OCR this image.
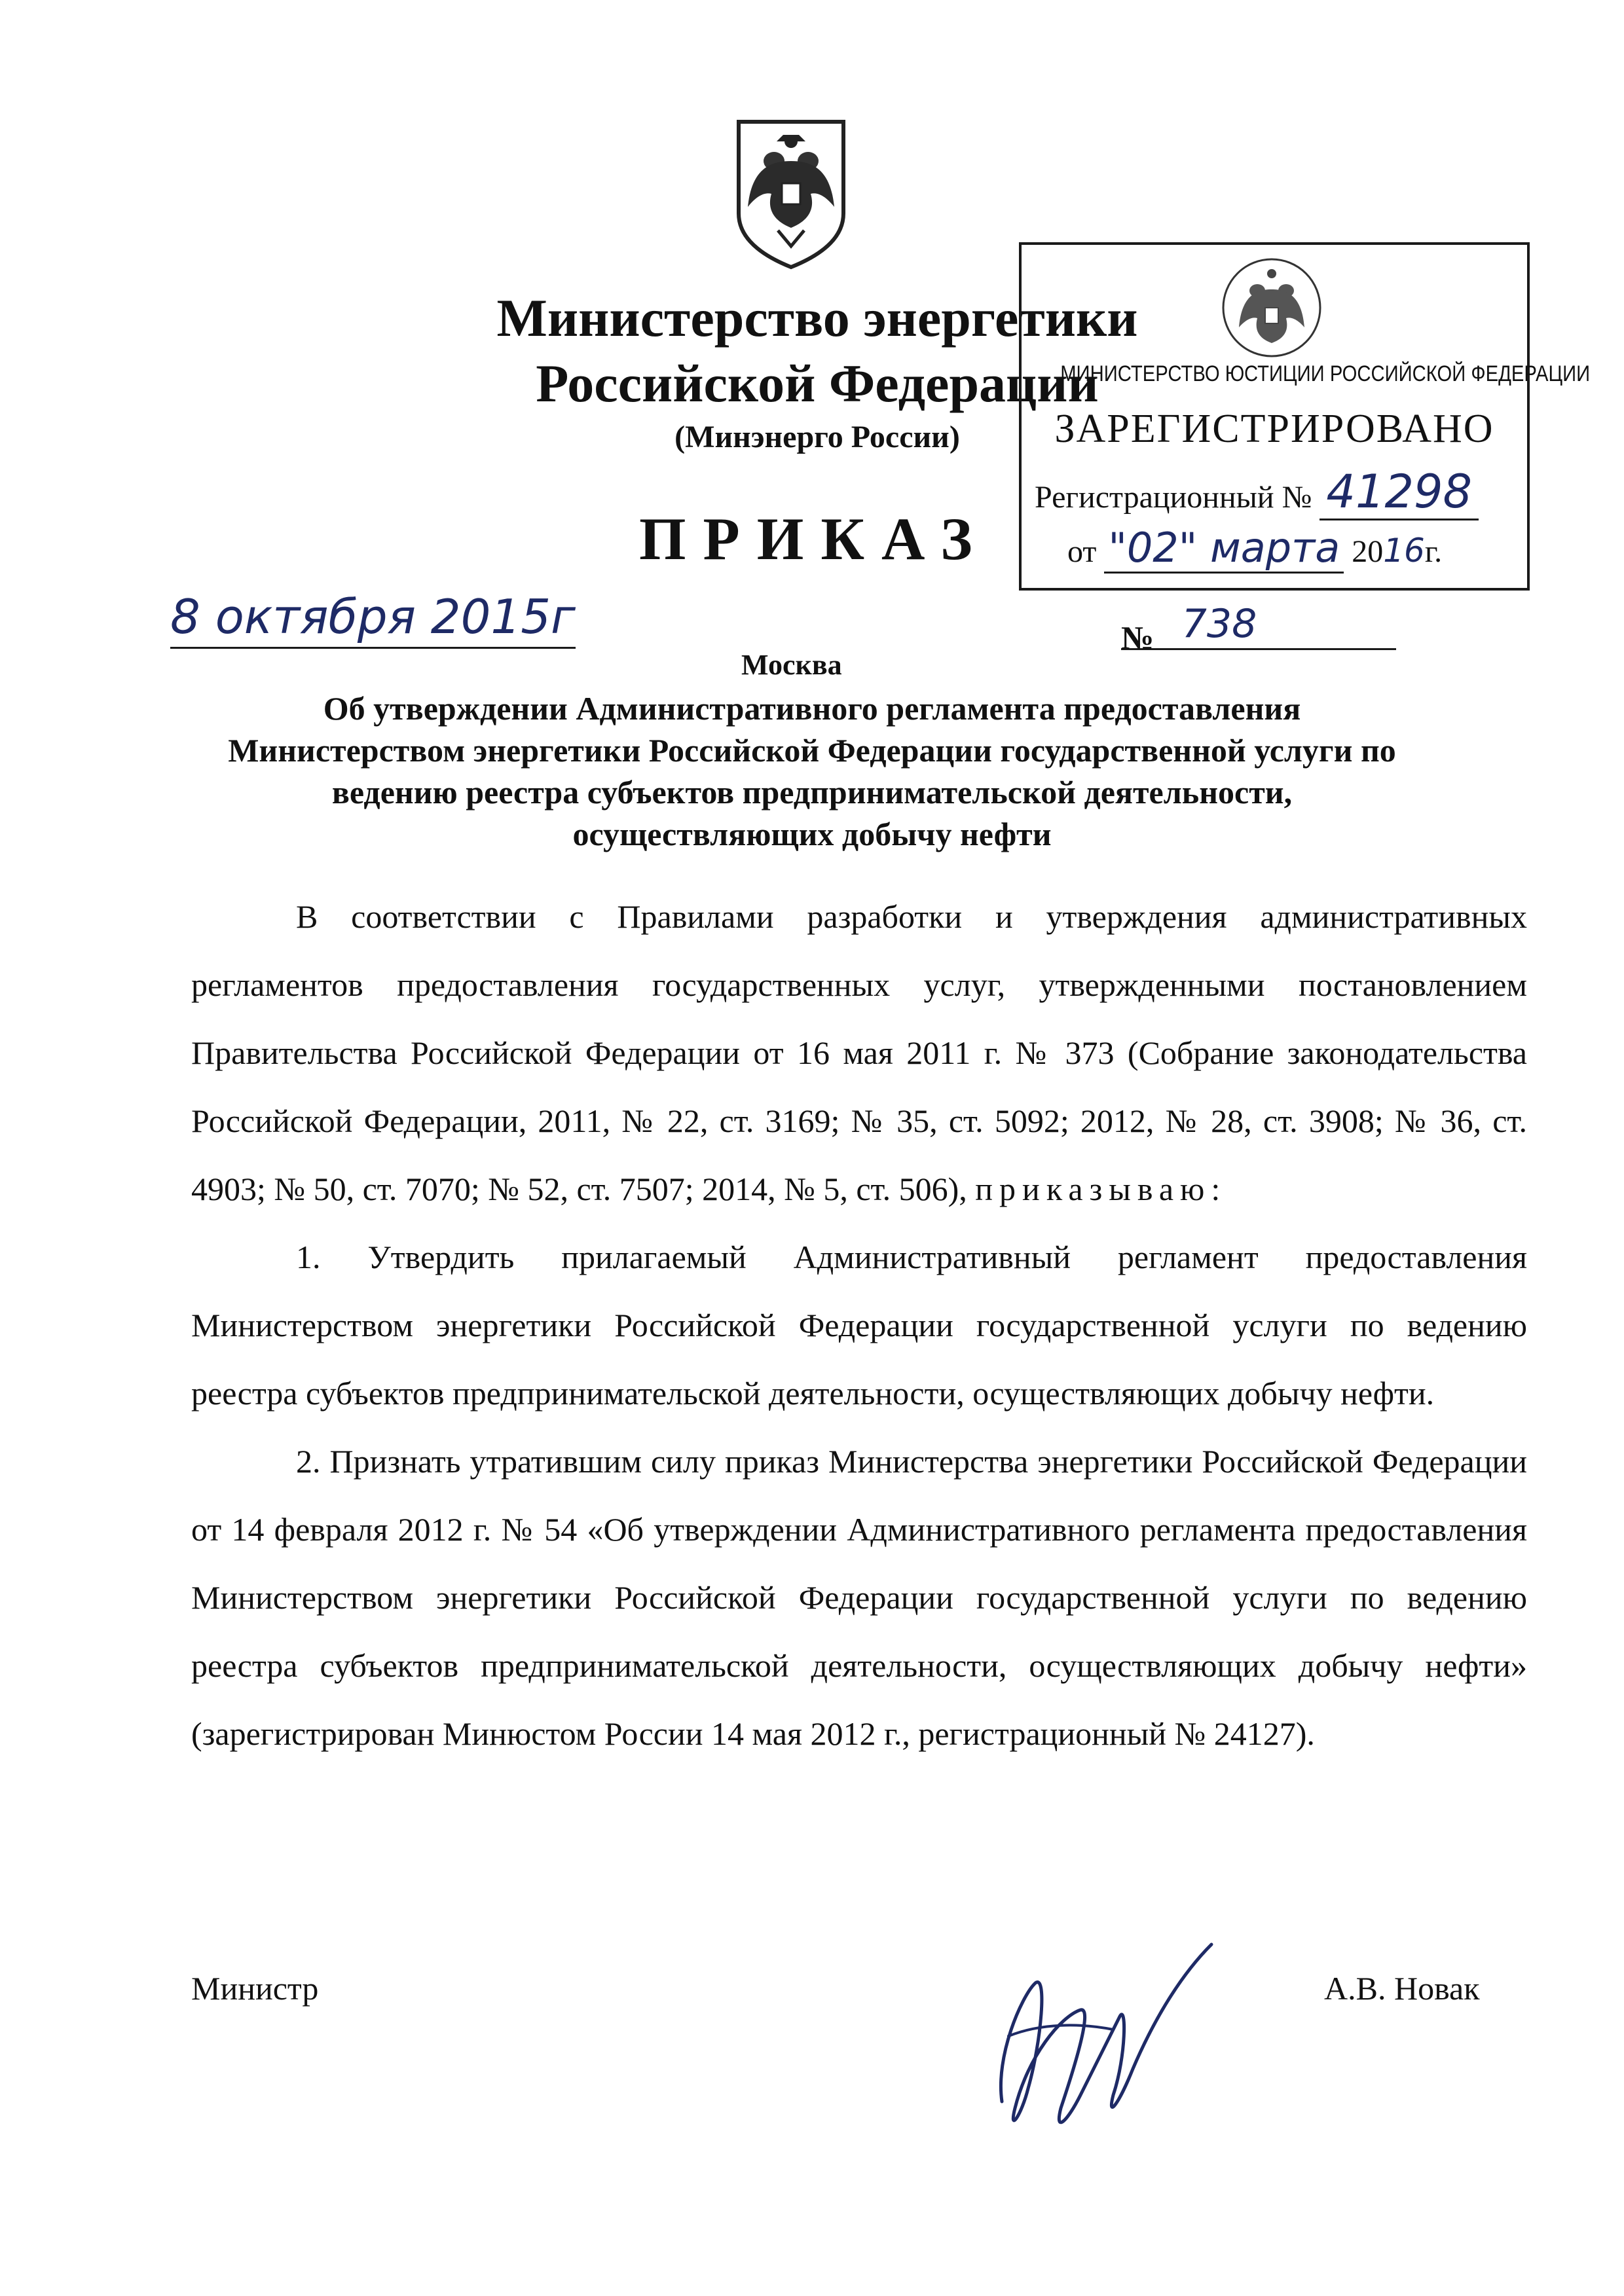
Министерство энергетики
Российской Федерации
(Минэнерго России)
ПРИКАЗ
МИНИСТЕРСТВО ЮСТИЦИИ РОССИЙСКОЙ ФЕДЕРАЦИИ
ЗАРЕГИСТРИРОВАНО
Регистрационный № 41298
от "02" марта 2016г.
8 октября 2015г	№ 738
Москва
Об утверждении Административного регламента предоставления
Министерством энергетики Российской Федерации государственной услуги по
ведению реестра субъектов предпринимательской деятельности,
осуществляющих добычу нефти

В соответствии с Правилами разработки и утверждения административных регламентов предоставления государственных услуг, утвержденными постановлением Правительства Российской Федерации от 16 мая 2011 г. № 373 (Собрание законодательства Российской Федерации, 2011, № 22, ст. 3169; № 35, ст. 5092; 2012, № 28, ст. 3908; № 36, ст. 4903; № 50, ст. 7070; № 52, ст. 7507; 2014, № 5, ст. 506), приказываю:

1. Утвердить прилагаемый Административный регламент предоставления Министерством энергетики Российской Федерации государственной услуги по ведению реестра субъектов предпринимательской деятельности, осуществляющих добычу нефти.

2. Признать утратившим силу приказ Министерства энергетики Российской Федерации от 14 февраля 2012 г. № 54 «Об утверждении Административного регламента предоставления Министерством энергетики Российской Федерации государственной услуги по ведению реестра субъектов предпринимательской деятельности, осуществляющих добычу нефти» (зарегистрирован Минюстом России 14 мая 2012 г., регистрационный № 24127).

Министр	А.В. Новак
